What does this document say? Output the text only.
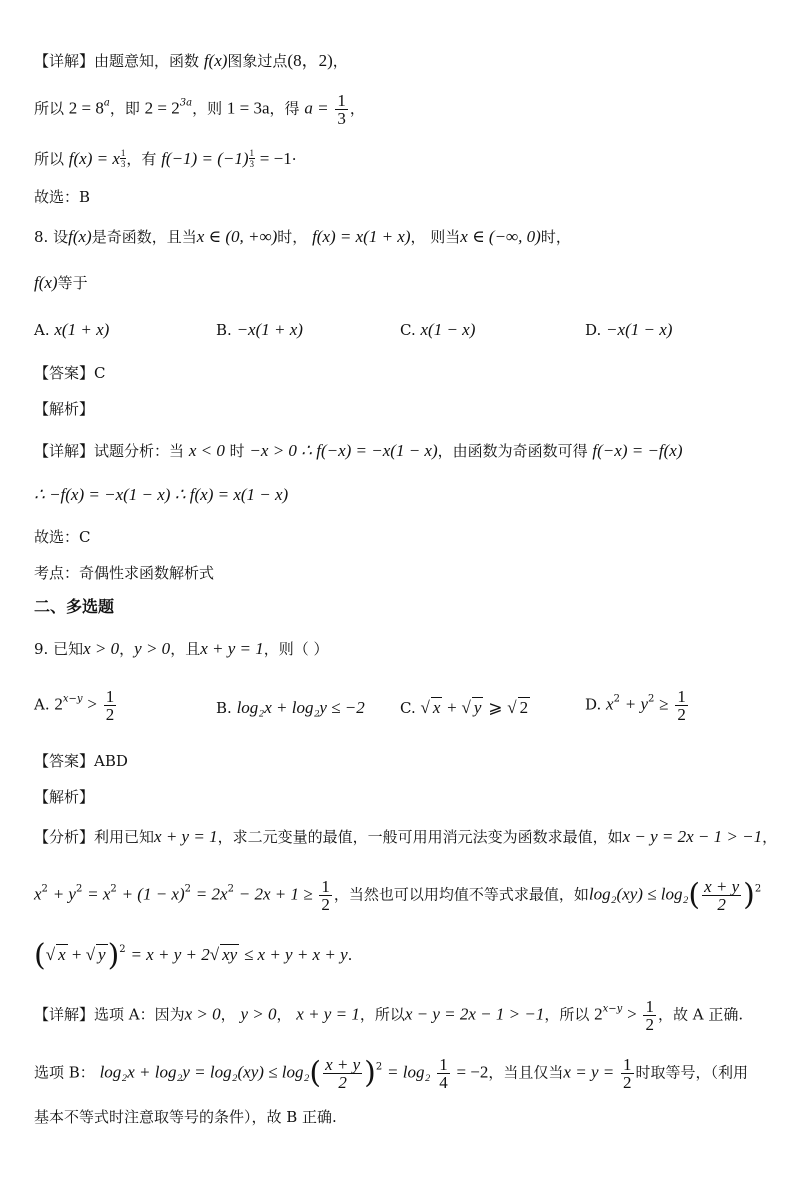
【详解】由题意知，函数 f(x)图象过点(8，2)，
所以 $2 = 8^a$，即 $2 = 2^{3a}$，则 1 = 3a，得 $a = \frac{1}{3}$ ，
所以 f(x) = x $\frac{1}{3}$ ，有 $f(-1) = (-1) \frac{1}{3} = -1\cdot$
故选：B
8. 设f(x)是奇函数，且当x ∈ (0, +∞)时， f(x) = x(1 + x)， 则当x ∈ (−∞, 0)时，
f(x)等于
A. x(1 + x)	B. −x(1 + x)	C. x(1 − x)	D. −x(1 − x)
【答案】C
【解析】
【详解】试题分析：当 x < 0 时 −x > 0 ∴ f(−x) = −x(1 − x)，由函数为奇函数可得 f(−x) = −f(x)
∴ −f(x) = −x(1 − x) ∴ f(x) = x(1 − x)
故选：C
考点：奇偶性求函数解析式
二、多选题
9. 已知x > 0，y > 0，且x + y = 1，则（ ）
A. $2^{x-y} > \frac{1}{2}$	B. log₂x + log₂y ≤ −2 C. √ x + √ y ⩾ √ 2	D. $x^2 + y^2 \ge \frac{1}{2}$
【答案】ABD
【解析】
【分析】利用已知x + y = 1，求二元变量的最值，一般可用用消元法变为函数求最值，如x − y = 2x − 1 > −1，
$x^2 + y^2 = x^2 + (1 - x)^2 = 2x^2 - 2x + 1 \ge \frac{1}{2}$ ，当然也可以用均值不等式求最值，如$\log_2(xy) \le \log_2( \frac{x + y}{2} )^2$
(√ x + √ y)$^2$ = x + y + 2√ xy ≤ x + y + x + y.
【详解】选项 A：因为x > 0， y > 0， x + y = 1，所以x − y = 2x − 1 > −1，所以 $2^{x-y} > \frac{1}{2}$ ，故 A 正确.
选项 B： $\log_2x + \log_2y = \log_2(xy) \le \log_2( \frac{x + y}{2} )^2 = \log_2 \frac{1}{4} = -2$，当且仅当$x = y = \frac{1}{2}$ 时取等号，（利用
基本不等式时注意取等号的条件），故 B 正确.
